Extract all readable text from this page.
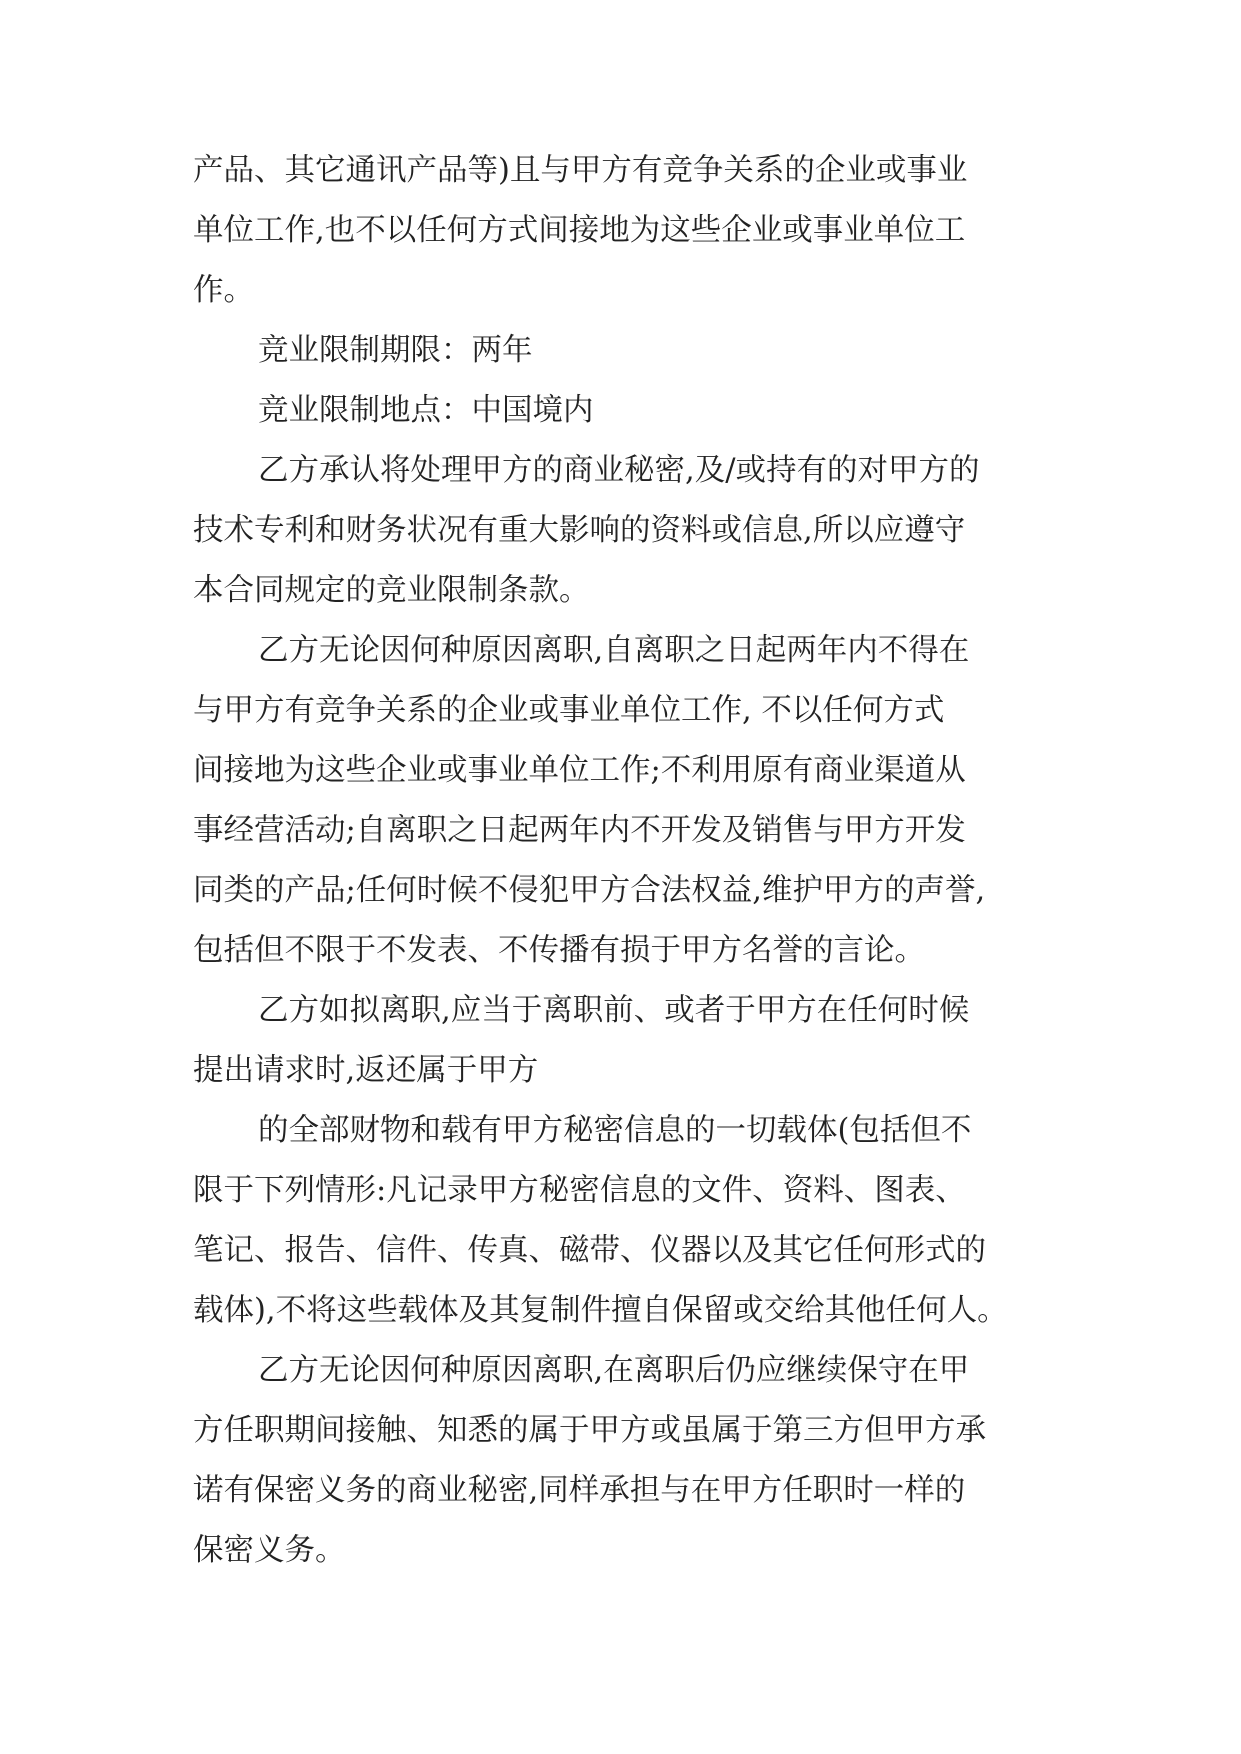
产品、其它通讯产品等)且与甲方有竞争关系的企业或事业

单位工作,也不以任何方式间接地为这些企业或事业单位工

作。

竞业限制期限：两年

竞业限制地点：中国境内

乙方承认将处理甲方的商业秘密,及/或持有的对甲方的

技术专利和财务状况有重大影响的资料或信息,所以应遵守

本合同规定的竞业限制条款。

乙方无论因何种原因离职,自离职之日起两年内不得在

与甲方有竞争关系的企业或事业单位工作, 不以任何方式

间接地为这些企业或事业单位工作;不利用原有商业渠道从

事经营活动;自离职之日起两年内不开发及销售与甲方开发

同类的产品;任何时候不侵犯甲方合法权益,维护甲方的声誉,

包括但不限于不发表、不传播有损于甲方名誉的言论。

乙方如拟离职,应当于离职前、或者于甲方在任何时候

提出请求时,返还属于甲方

的全部财物和载有甲方秘密信息的一切载体(包括但不

限于下列情形:凡记录甲方秘密信息的文件、资料、图表、

笔记、报告、信件、传真、磁带、仪器以及其它任何形式的

载体),不将这些载体及其复制件擅自保留或交给其他任何人。

乙方无论因何种原因离职,在离职后仍应继续保守在甲

方任职期间接触、知悉的属于甲方或虽属于第三方但甲方承

诺有保密义务的商业秘密,同样承担与在甲方任职时一样的

保密义务。
